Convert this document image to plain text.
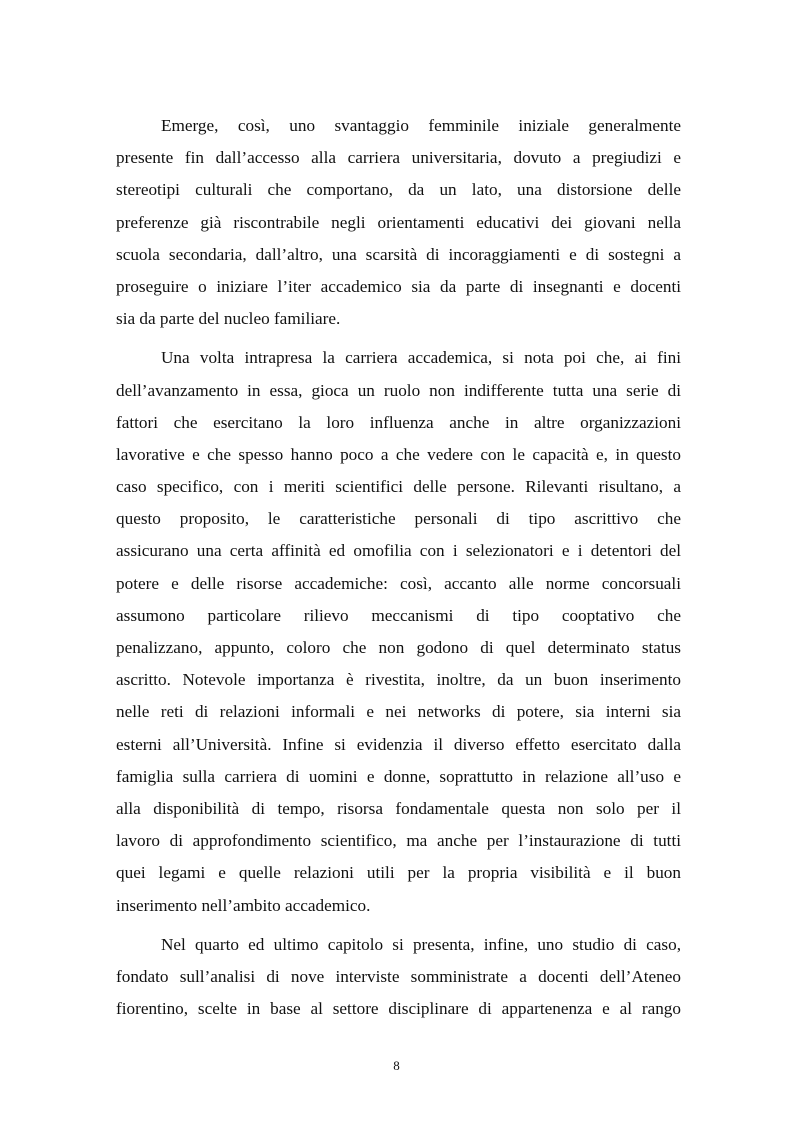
Emerge, così, uno svantaggio femminile iniziale generalmente
presente fin dall’accesso alla carriera universitaria, dovuto a pregiudizi e
stereotipi culturali che comportano, da un lato, una distorsione delle
preferenze già riscontrabile negli orientamenti educativi dei giovani nella
scuola secondaria, dall’altro, una scarsità di incoraggiamenti e di sostegni a
proseguire o iniziare l’iter accademico sia da parte di insegnanti e docenti
sia da parte del nucleo familiare.
Una volta intrapresa la carriera accademica, si nota poi che, ai fini
dell’avanzamento in essa, gioca un ruolo non indifferente tutta una serie di
fattori che esercitano la loro influenza anche in altre organizzazioni
lavorative e che spesso hanno poco a che vedere con le capacità e, in questo
caso specifico, con i meriti scientifici delle persone. Rilevanti risultano, a
questo proposito, le caratteristiche personali di tipo ascrittivo che
assicurano una certa affinità ed omofilia con i selezionatori e i detentori del
potere e delle risorse accademiche: così, accanto alle norme concorsuali
assumono particolare rilievo meccanismi di tipo cooptativo che
penalizzano, appunto, coloro che non godono di quel determinato status
ascritto. Notevole importanza è rivestita, inoltre, da un buon inserimento
nelle reti di relazioni informali e nei networks di potere, sia interni sia
esterni all’Università. Infine si evidenzia il diverso effetto esercitato dalla
famiglia sulla carriera di uomini e donne, soprattutto in relazione all’uso e
alla disponibilità di tempo, risorsa fondamentale questa non solo per il
lavoro di approfondimento scientifico, ma anche per l’instaurazione di tutti
quei legami e quelle relazioni utili per la propria visibilità e il buon
inserimento nell’ambito accademico.
Nel quarto ed ultimo capitolo si presenta, infine, uno studio di caso,
fondato sull’analisi di nove interviste somministrate a docenti dell’Ateneo
fiorentino, scelte in base al settore disciplinare di appartenenza e al rango
8
